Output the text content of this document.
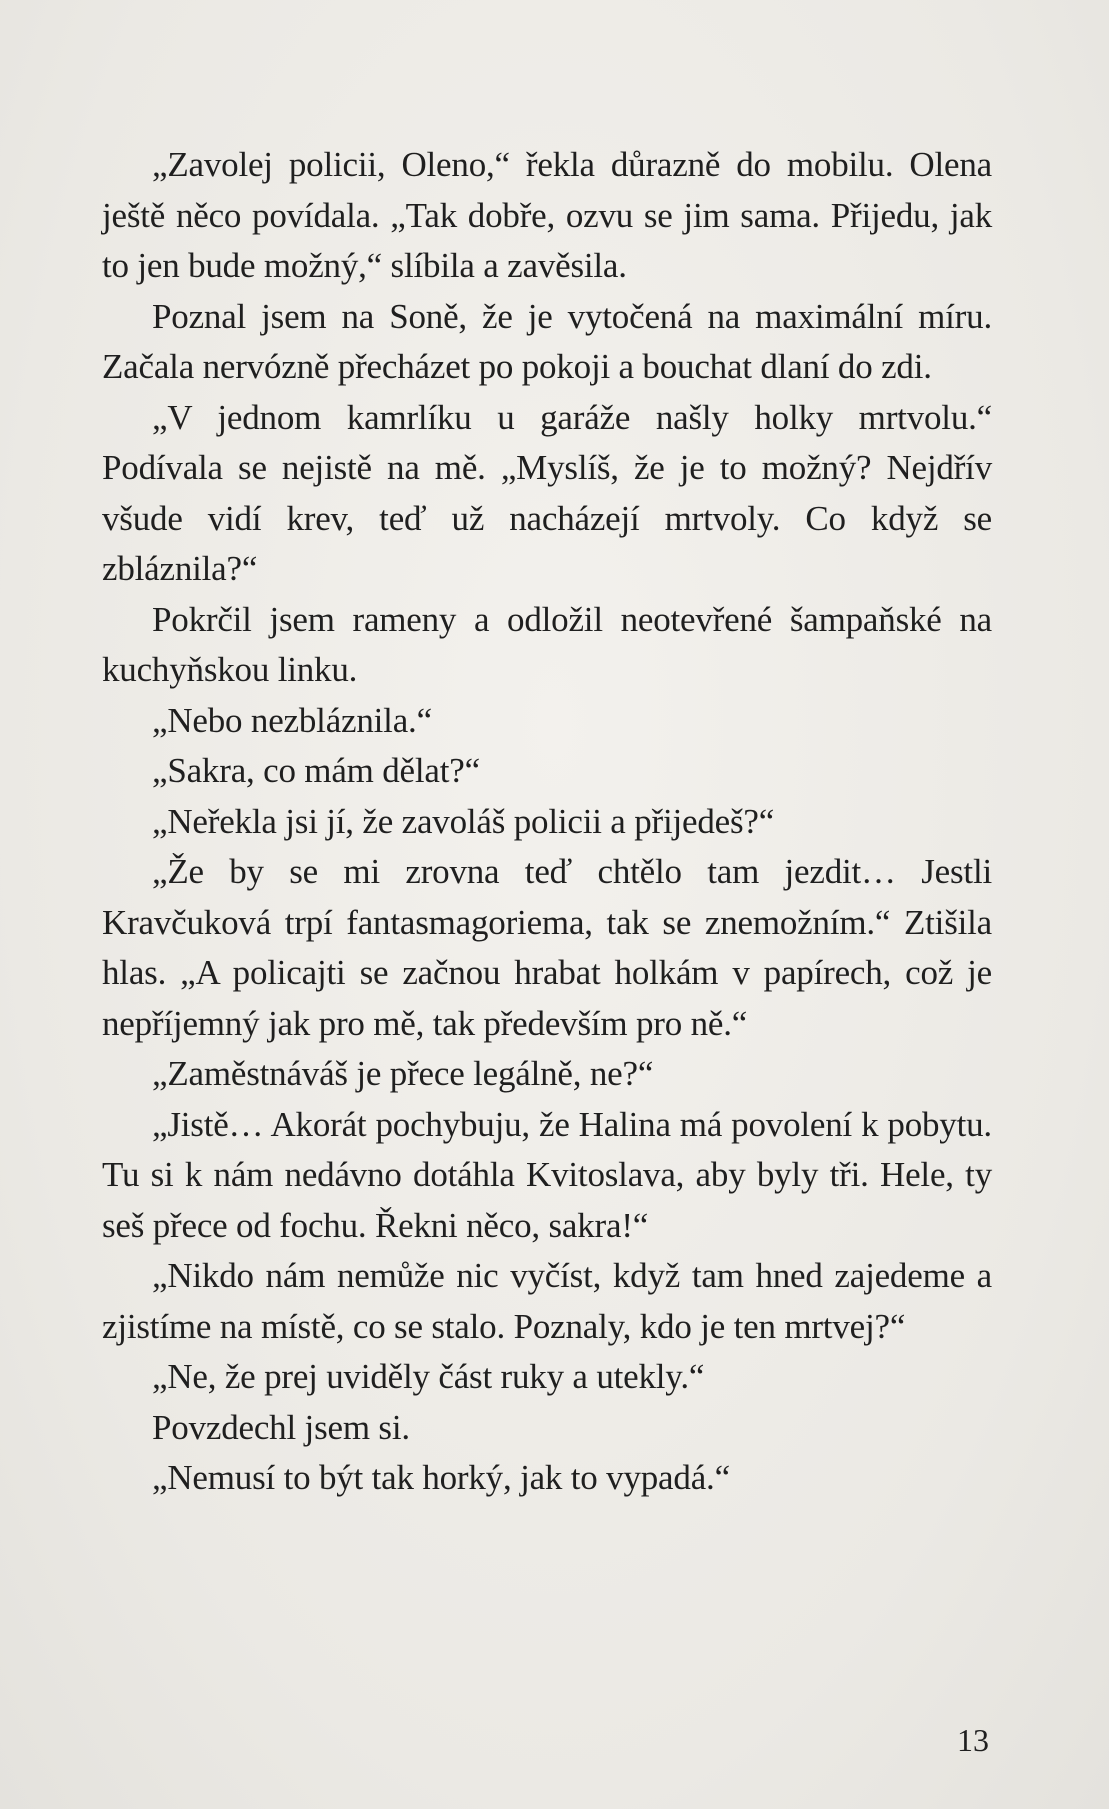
„Zavolej policii, Oleno,“ řekla důrazně do mobilu. Olena ještě něco povídala. „Tak dobře, ozvu se jim sama. Přijedu, jak to jen bude možný,“ slíbila a zavěsila.

Poznal jsem na Soně, že je vytočená na maximální míru. Začala nervózně přecházet po pokoji a bouchat dlaní do zdi.

„V jednom kamrlíku u garáže našly holky mrtvolu.“ Podívala se nejistě na mě. „Myslíš, že je to možný? Nejdřív všude vidí krev, teď už nacházejí mrtvoly. Co když se zbláznila?“

Pokrčil jsem rameny a odložil neotevřené šampaňské na kuchyňskou linku.

„Nebo nezbláznila.“

„Sakra, co mám dělat?“

„Neřekla jsi jí, že zavoláš policii a přijedeš?“

„Že by se mi zrovna teď chtělo tam jezdit… Jestli Kravčuková trpí fantasmagoriema, tak se znemožním.“ Ztišila hlas. „A policajti se začnou hrabat holkám v papírech, což je nepříjemný jak pro mě, tak především pro ně.“

„Zaměstnáváš je přece legálně, ne?“

„Jistě… Akorát pochybuju, že Halina má povolení k pobytu. Tu si k nám nedávno dotáhla Kvitoslava, aby byly tři. Hele, ty seš přece od fochu. Řekni něco, sakra!“

„Nikdo nám nemůže nic vyčíst, když tam hned zajedeme a zjistíme na místě, co se stalo. Poznaly, kdo je ten mrtvej?“

„Ne, že prej uviděly část ruky a utekly.“

Povzdechl jsem si.

„Nemusí to být tak horký, jak to vypadá.“

13
